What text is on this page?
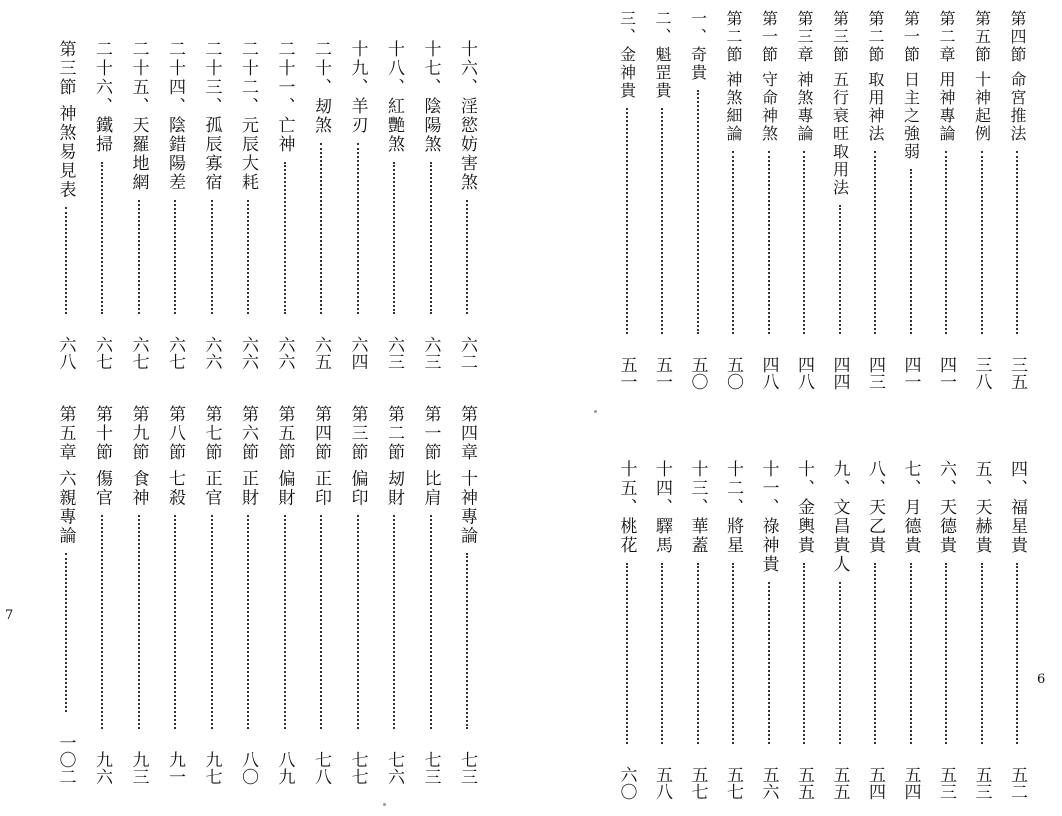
十六、淫慾妨害煞
六二
十七、陰陽煞
六三
十八、紅艷煞
六三
十九、羊刃
六四
二十、刼煞
六五
二十一、亡神
六六
二十二、元辰大耗
六六
二十三、孤辰寡宿
六六
二十四、陰錯陽差
六七
二十五、天羅地網
六七
二十六、鐵掃
六七
第三節 神煞易見表
六八
第四節 命宮推法
三五
第五節 十神起例
三八
第二章 用神專論
四一
第一節 日主之強弱
四一
第二節 取用神法
四三
第三節 五行衰旺取用法
四四
第三章 神煞專論
四八
第一節 守命神煞
四八
第二節 神煞細論
五〇
一、奇貴
五〇
二、魁罡貴
五一
三、金神貴
五一
第四章 十神專論
七三
第一節 比肩
七三
第二節 刼財
七六
第三節 偏印
七七
第四節 正印
七八
第五節 偏財
八九
第六節 正財
八〇
第七節 正官
九七
第八節 七殺
九一
第九節 食神
九三
第十節 傷官
九六
第五章 六親專論
一〇二
四、福星貴
五二
五、天赫貴
五三
六、天德貴
五三
七、月德貴
五四
八、天乙貴
五四
九、文昌貴人
五五
十、金輿貴
五五
十一、祿神貴
五六
十二、將星
五七
十三、華蓋
五七
十四、驛馬
五八
十五、桃花
六〇
7
6
